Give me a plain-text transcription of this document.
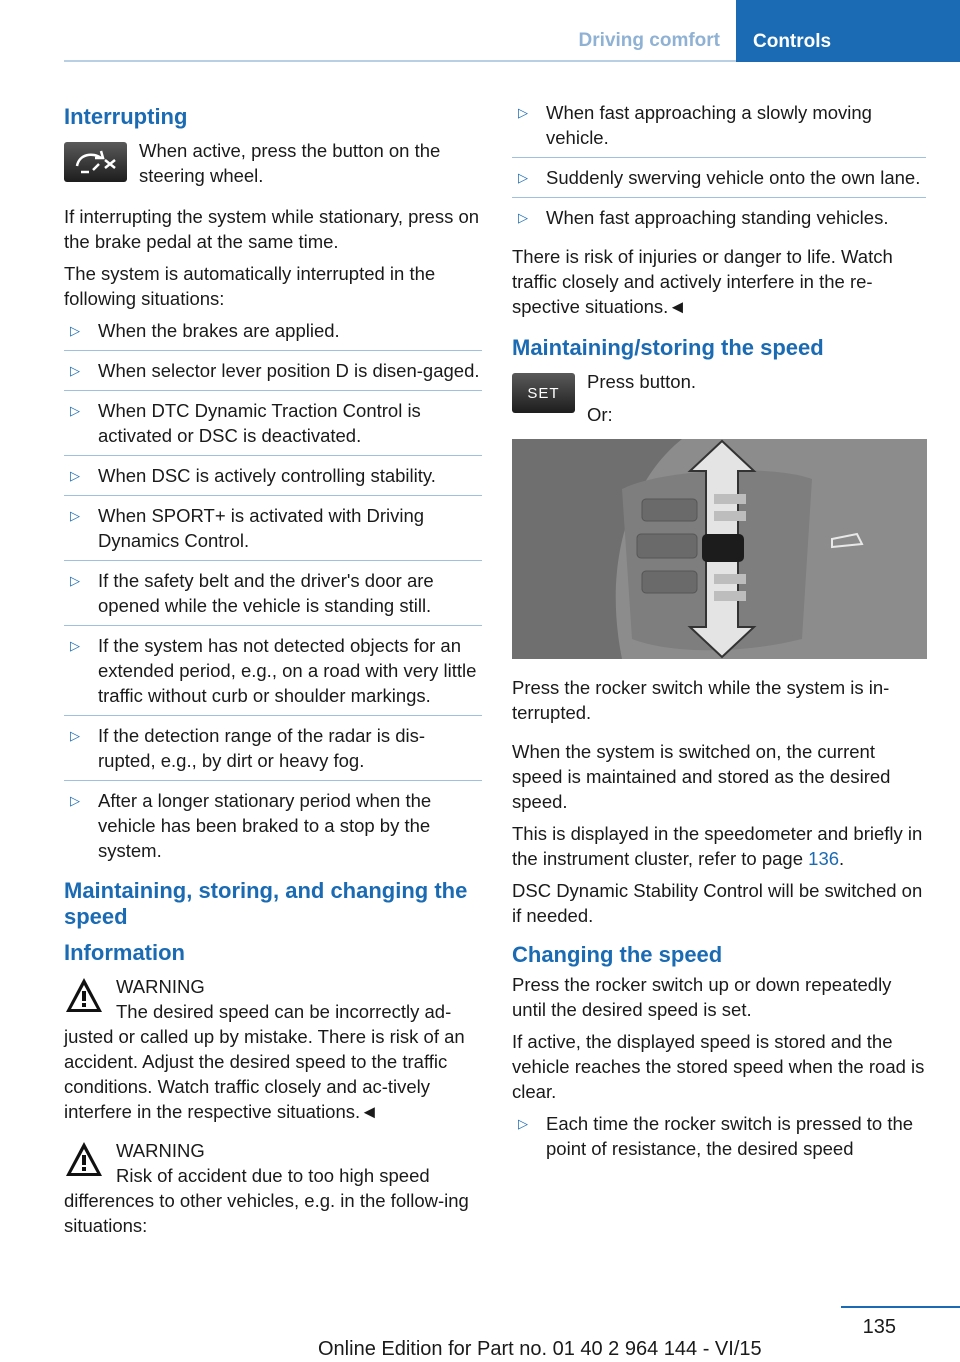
Driving comfort	Controls
Interrupting
When active, press the button on the steering wheel.

If interrupting the system while stationary, press on the brake pedal at the same time.

The system is automatically interrupted in the following situations:

▷ When the brakes are applied.
▷ When selector lever position D is disen‐gaged.
▷ When DTC Dynamic Traction Control is activated or DSC is deactivated.
▷ When DSC is actively controlling stability.
▷ When SPORT+ is activated with Driving Dynamics Control.
▷ If the safety belt and the driver's door are opened while the vehicle is standing still.
▷ If the system has not detected objects for an extended period, e.g., on a road with very little traffic without curb or shoulder markings.
▷ If the detection range of the radar is dis‐rupted, e.g., by dirt or heavy fog.
▷ After a longer stationary period when the vehicle has been braked to a stop by the system.
Maintaining, storing, and changing the speed
Information
WARNING
The desired speed can be incorrectly ad‐justed or called up by mistake. There is risk of an accident. Adjust the desired speed to the traffic conditions. Watch traffic closely and ac‐tively interfere in the respective situations.◄
WARNING
Risk of accident due to too high speed differences to other vehicles, e.g. in the follow‐ing situations:
▷ When fast approaching a slowly moving vehicle.
▷ Suddenly swerving vehicle onto the own lane.
▷ When fast approaching standing vehicles.

There is risk of injuries or danger to life. Watch traffic closely and actively interfere in the re‐spective situations.◄

Maintaining/storing the speed
SET
Press button.
Or:

Press the rocker switch while the system is in‐terrupted.

When the system is switched on, the current speed is maintained and stored as the desired speed.

This is displayed in the speedometer and briefly in the instrument cluster, refer to page 136.

DSC Dynamic Stability Control will be switched on if needed.

Changing the speed

Press the rocker switch up or down repeatedly until the desired speed is set.

If active, the displayed speed is stored and the vehicle reaches the stored speed when the road is clear.

▷ Each time the rocker switch is pressed to the point of resistance, the desired speed
135
Online Edition for Part no. 01 40 2 964 144 - VI/15
